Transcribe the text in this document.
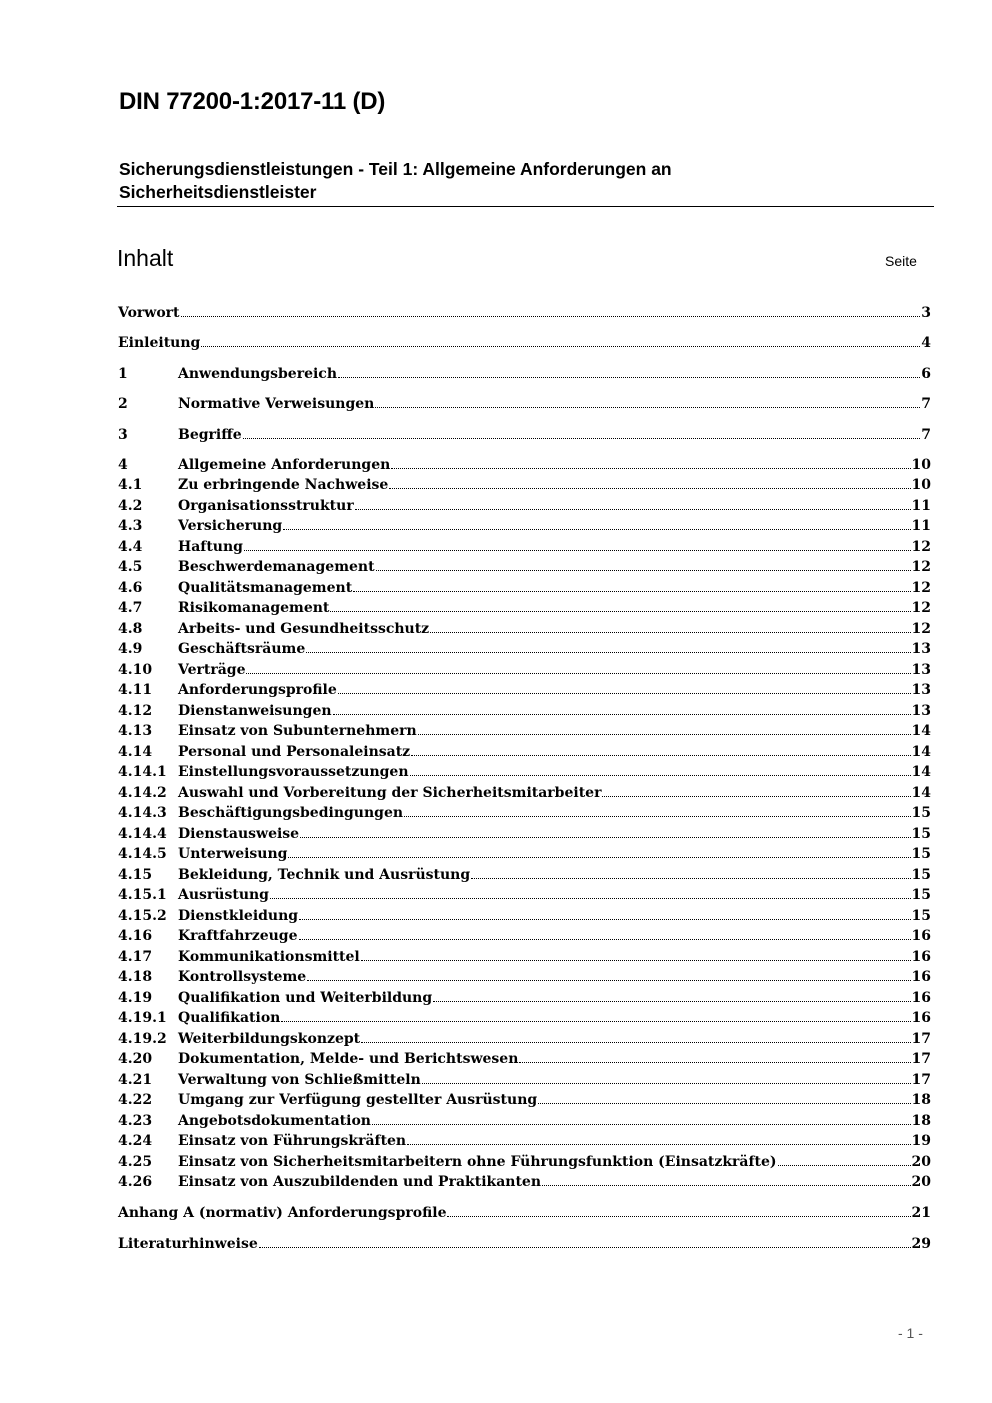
DIN 77200-1:2017-11 (D)
Sicherungsdienstleistungen - Teil 1: Allgemeine Anforderungen an
Sicherheitsdienstleister
Inhalt	Seite
Vorwort	3
Einleitung	4
1	Anwendungsbereich	6
2	Normative Verweisungen	7
3	Begriffe	7
4	Allgemeine Anforderungen	10
4.1	Zu erbringende Nachweise	10
4.2	Organisationsstruktur	11
4.3	Versicherung	11
4.4	Haftung	12
4.5	Beschwerdemanagement	12
4.6	Qualitätsmanagement	12
4.7	Risikomanagement	12
4.8	Arbeits- und Gesundheitsschutz	12
4.9	Geschäftsräume	13
4.10	Verträge	13
4.11	Anforderungsprofile	13
4.12	Dienstanweisungen	13
4.13	Einsatz von Subunternehmern	14
4.14	Personal und Personaleinsatz	14
4.14.1 Einstellungsvoraussetzungen	14
4.14.2 Auswahl und Vorbereitung der Sicherheitsmitarbeiter	14
4.14.3 Beschäftigungsbedingungen	15
4.14.4 Dienstausweise	15
4.14.5 Unterweisung	15
4.15	Bekleidung, Technik und Ausrüstung	15
4.15.1 Ausrüstung	15
4.15.2 Dienstkleidung	15
4.16	Kraftfahrzeuge	16
4.17	Kommunikationsmittel	16
4.18	Kontrollsysteme	16
4.19	Qualifikation und Weiterbildung	16
4.19.1 Qualifikation	16
4.19.2 Weiterbildungskonzept	17
4.20	Dokumentation, Melde- und Berichtswesen	17
4.21	Verwaltung von Schließmitteln	17
4.22	Umgang zur Verfügung gestellter Ausrüstung	18
4.23	Angebotsdokumentation	18
4.24	Einsatz von Führungskräften	19
4.25	Einsatz von Sicherheitsmitarbeitern ohne Führungsfunktion (Einsatzkräfte)	20
4.26	Einsatz von Auszubildenden und Praktikanten	20
Anhang A (normativ) Anforderungsprofile	21
Literaturhinweise	29
- 1 -
